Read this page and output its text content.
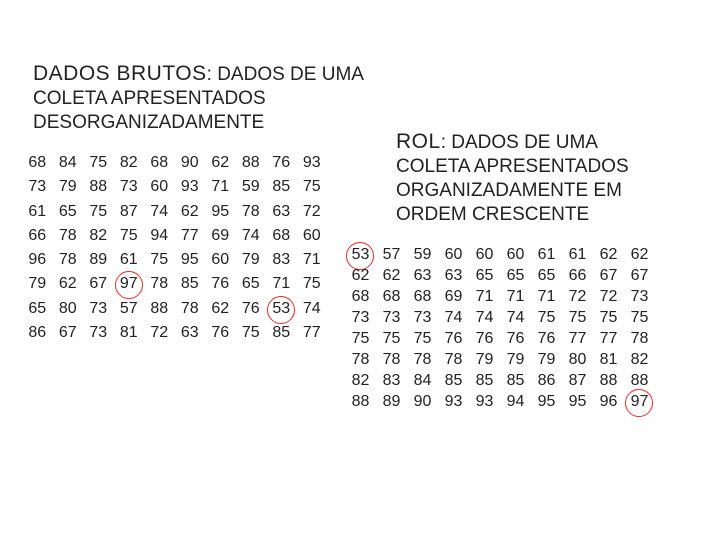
DADOS BRUTOS: DADOS DE UMA COLETA APRESENTADOS DESORGANIZADAMENTE

ROL: DADOS DE UMA COLETA APRESENTADOS ORGANIZADAMENTE EM ORDEM CRESCENTE

68 84 75 82 68 90 62 88 76 93
73 79 88 73 60 93 71 59 85 75
61 65 75 87 74 62 95 78 63 72
66 78 82 75 94 77 69 74 68 60
96 78 89 61 75 95 60 79 83 71
79 62 67 97 78 85 76 65 71 75
65 80 73 57 88 78 62 76 53 74
86 67 73 81 72 63 76 75 85 77
53 57 59 60 60 60 61 61 62 62
62 62 63 63 65 65 65 66 67 67
68 68 68 69 71 71 71 72 72 73
73 73 73 74 74 74 75 75 75 75
75 75 75 76 76 76 76 77 77 78
78 78 78 78 79 79 79 80 81 82
82 83 84 85 85 85 86 87 88 88
88 89 90 93 93 94 95 95 96 97
